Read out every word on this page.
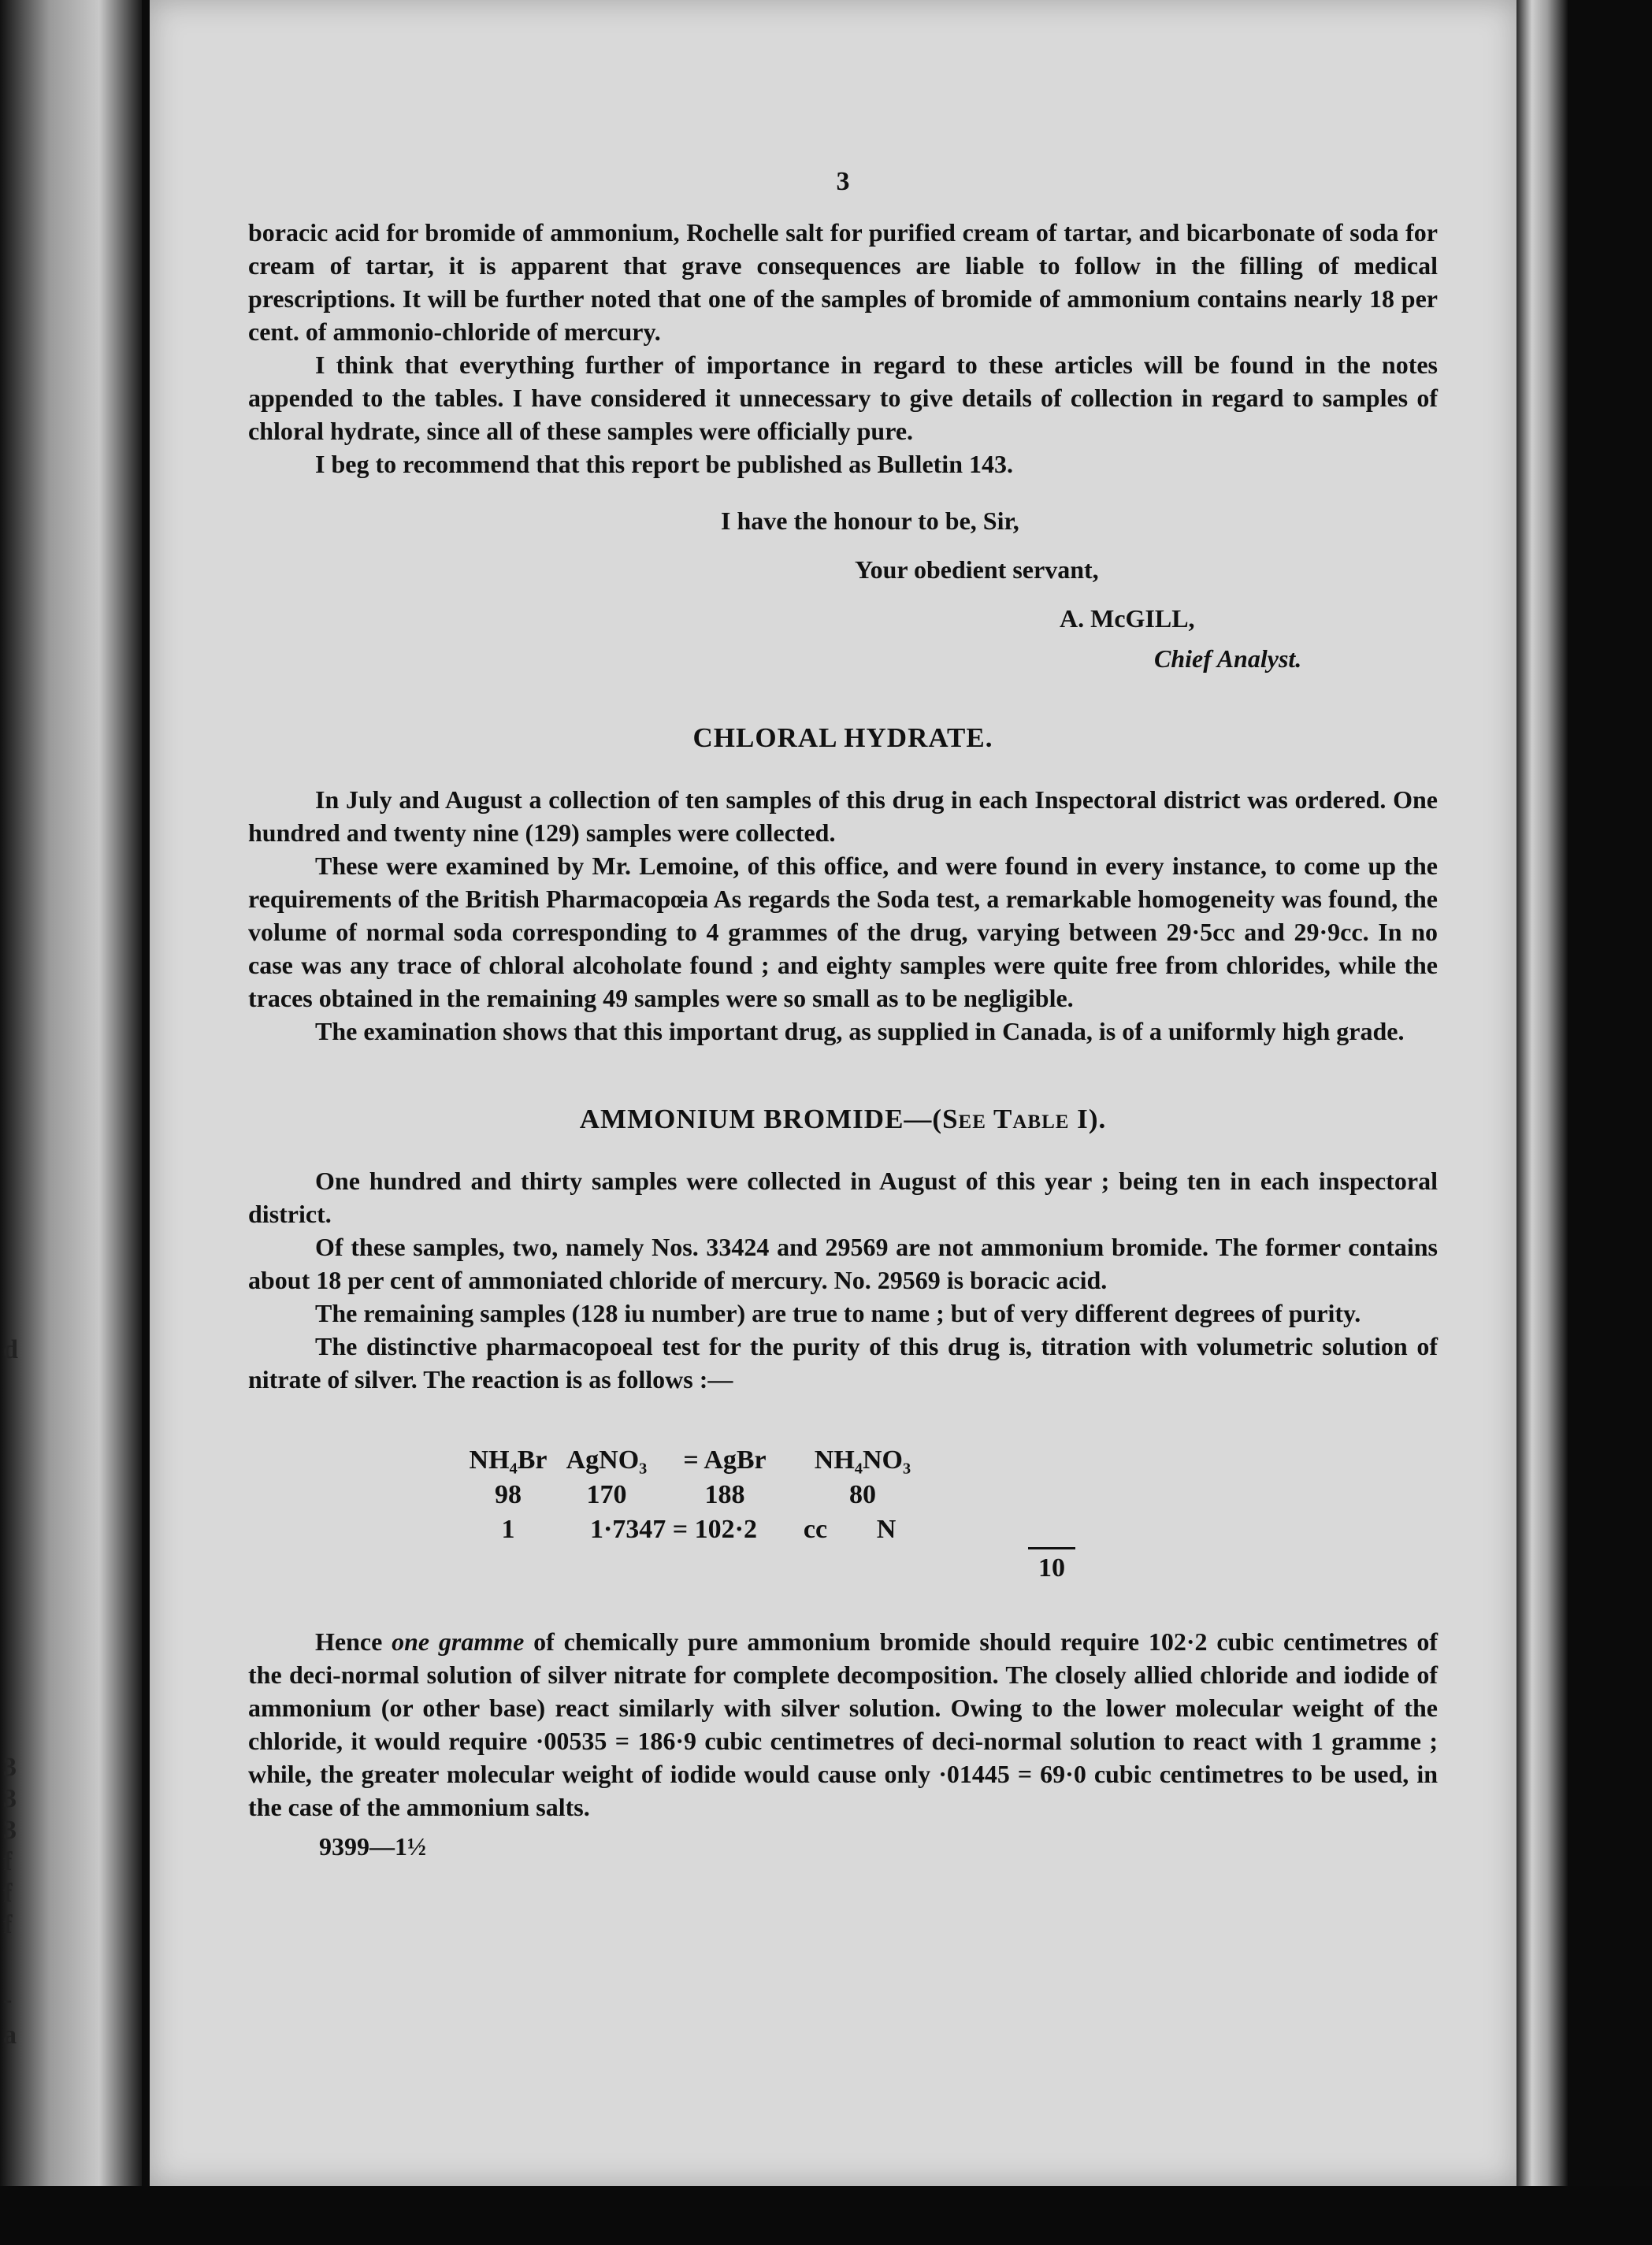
d
3
3
3
f
f
f
-
a
3

boracic acid for bromide of ammonium, Rochelle salt for purified cream of tartar, and bicarbonate of soda for cream of tartar, it is apparent that grave consequences are liable to follow in the filling of medical prescriptions. It will be further noted that one of the samples of bromide of ammonium contains nearly 18 per cent. of ammonio-chloride of mercury.

I think that everything further of importance in regard to these articles will be found in the notes appended to the tables. I have considered it unnecessary to give details of collection in regard to samples of chloral hydrate, since all of these samples were officially pure.

I beg to recommend that this report be published as Bulletin 143.

I have the honour to be, Sir,
Your obedient servant,
A. McGILL,
Chief Analyst.
CHLORAL HYDRATE.

In July and August a collection of ten samples of this drug in each Inspectoral district was ordered. One hundred and twenty nine (129) samples were collected.

These were examined by Mr. Lemoine, of this office, and were found in every instance, to come up the requirements of the British Pharmacopœia As regards the Soda test, a remarkable homogeneity was found, the volume of normal soda corresponding to 4 grammes of the drug, varying between 29·5cc and 29·9cc. In no case was any trace of chloral alcoholate found ; and eighty samples were quite free from chlorides, while the traces obtained in the remaining 49 samples were so small as to be negligible.

The examination shows that this important drug, as supplied in Canada, is of a uniformly high grade.

AMMONIUM BROMIDE—(See Table I).

One hundred and thirty samples were collected in August of this year ; being ten in each inspectoral district.

Of these samples, two, namely Nos. 33424 and 29569 are not ammonium bromide. The former contains about 18 per cent of ammoniated chloride of mercury. No. 29569 is boracic acid.

The remaining samples (128 iu number) are true to name ; but of very different degrees of purity.

The distinctive pharmacopoeal test for the purity of this drug is, titration with volumetric solution of nitrate of silver. The reaction is as follows :—

NH₄Br AgNO₃	= AgBr	NH₄NO₃
98	170	188	80
1	1·7347 = 102·2	cc	N
10

Hence one gramme of chemically pure ammonium bromide should require 102·2 cubic centimetres of the deci-normal solution of silver nitrate for complete decomposition. The closely allied chloride and iodide of ammonium (or other base) react similarly with silver solution. Owing to the lower molecular weight of the chloride, it would require ·00535 = 186·9 cubic centimetres of deci-normal solution to react with 1 gramme ; while, the greater molecular weight of iodide would cause only ·01445 = 69·0 cubic centimetres to be used, in the case of the ammonium salts.

9399—1½
